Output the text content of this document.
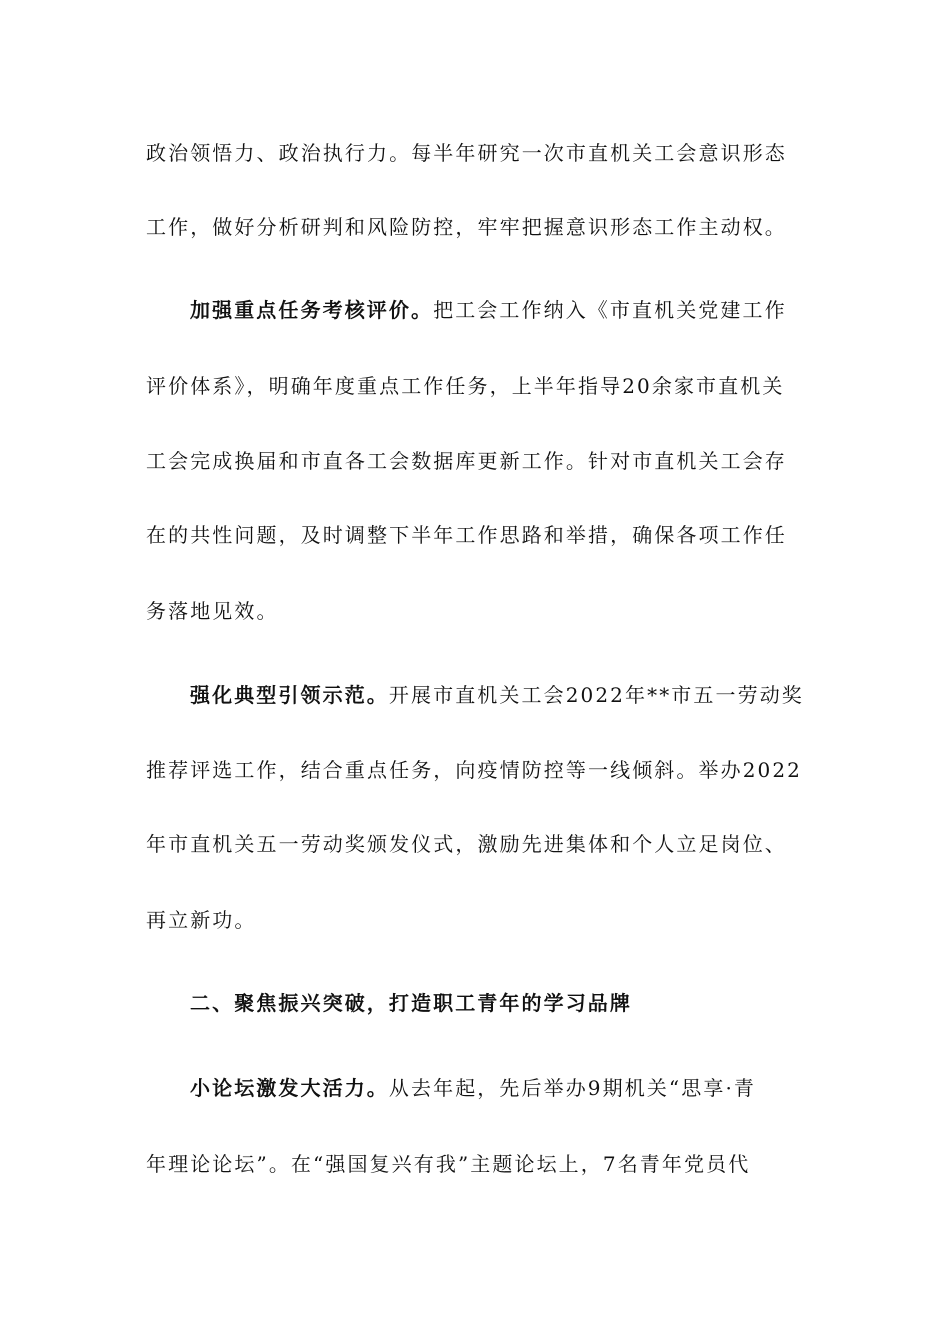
政治领悟力、政治执行力。每半年研究一次市直机关工会意识形态
工作，做好分析研判和风险防控，牢牢把握意识形态工作主动权。
加强重点任务考核评价。把工会工作纳入《市直机关党建工作
评价体系》，明确年度重点工作任务，上半年指导20余家市直机关
工会完成换届和市直各工会数据库更新工作。针对市直机关工会存
在的共性问题，及时调整下半年工作思路和举措，确保各项工作任
务落地见效。
强化典型引领示范。开展市直机关工会2022年**市五一劳动奖
推荐评选工作，结合重点任务，向疫情防控等一线倾斜。举办2022
年市直机关五一劳动奖颁发仪式，激励先进集体和个人立足岗位、
再立新功。
二、聚焦振兴突破，打造职工青年的学习品牌
小论坛激发大活力。从去年起，先后举办9期机关“思享·青
年理论论坛”。在“强国复兴有我”主题论坛上，7名青年党员代
